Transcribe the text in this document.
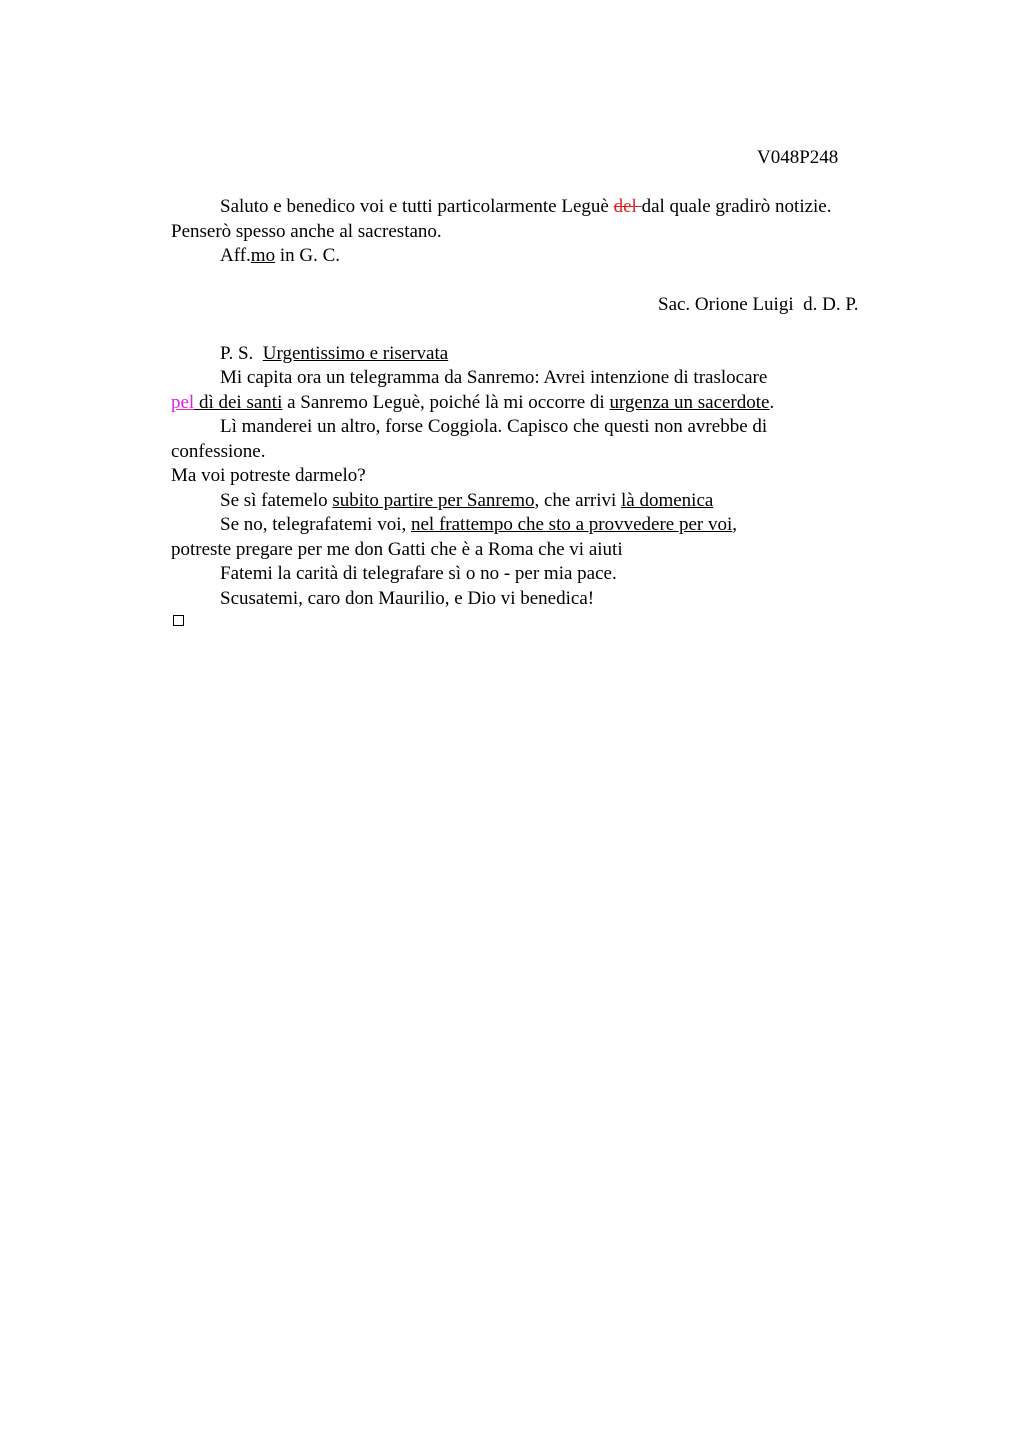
V048P248
Saluto e benedico voi e tutti particolarmente Leguè del dal quale gradirò notizie.
Penserò spesso anche al sacrestano.
Aff.mo in G. C.
Sac. Orione Luigi  d. D. P.
P. S.  Urgentissimo e riservata
Mi capita ora un telegramma da Sanremo: Avrei intenzione di traslocare
pel dì dei santi a Sanremo Leguè, poiché là mi occorre di urgenza un sacerdote.
Lì manderei un altro, forse Coggiola. Capisco che questi non avrebbe di
confessione.
Ma voi potreste darmelo?
Se sì fatemelo subito partire per Sanremo, che arrivi là domenica
Se no, telegrafatemi voi, nel frattempo che sto a provvedere per voi,
potreste pregare per me don Gatti che è a Roma che vi aiuti
Fatemi la carità di telegrafare sì o no - per mia pace.
Scusatemi, caro don Maurilio, e Dio vi benedica!
